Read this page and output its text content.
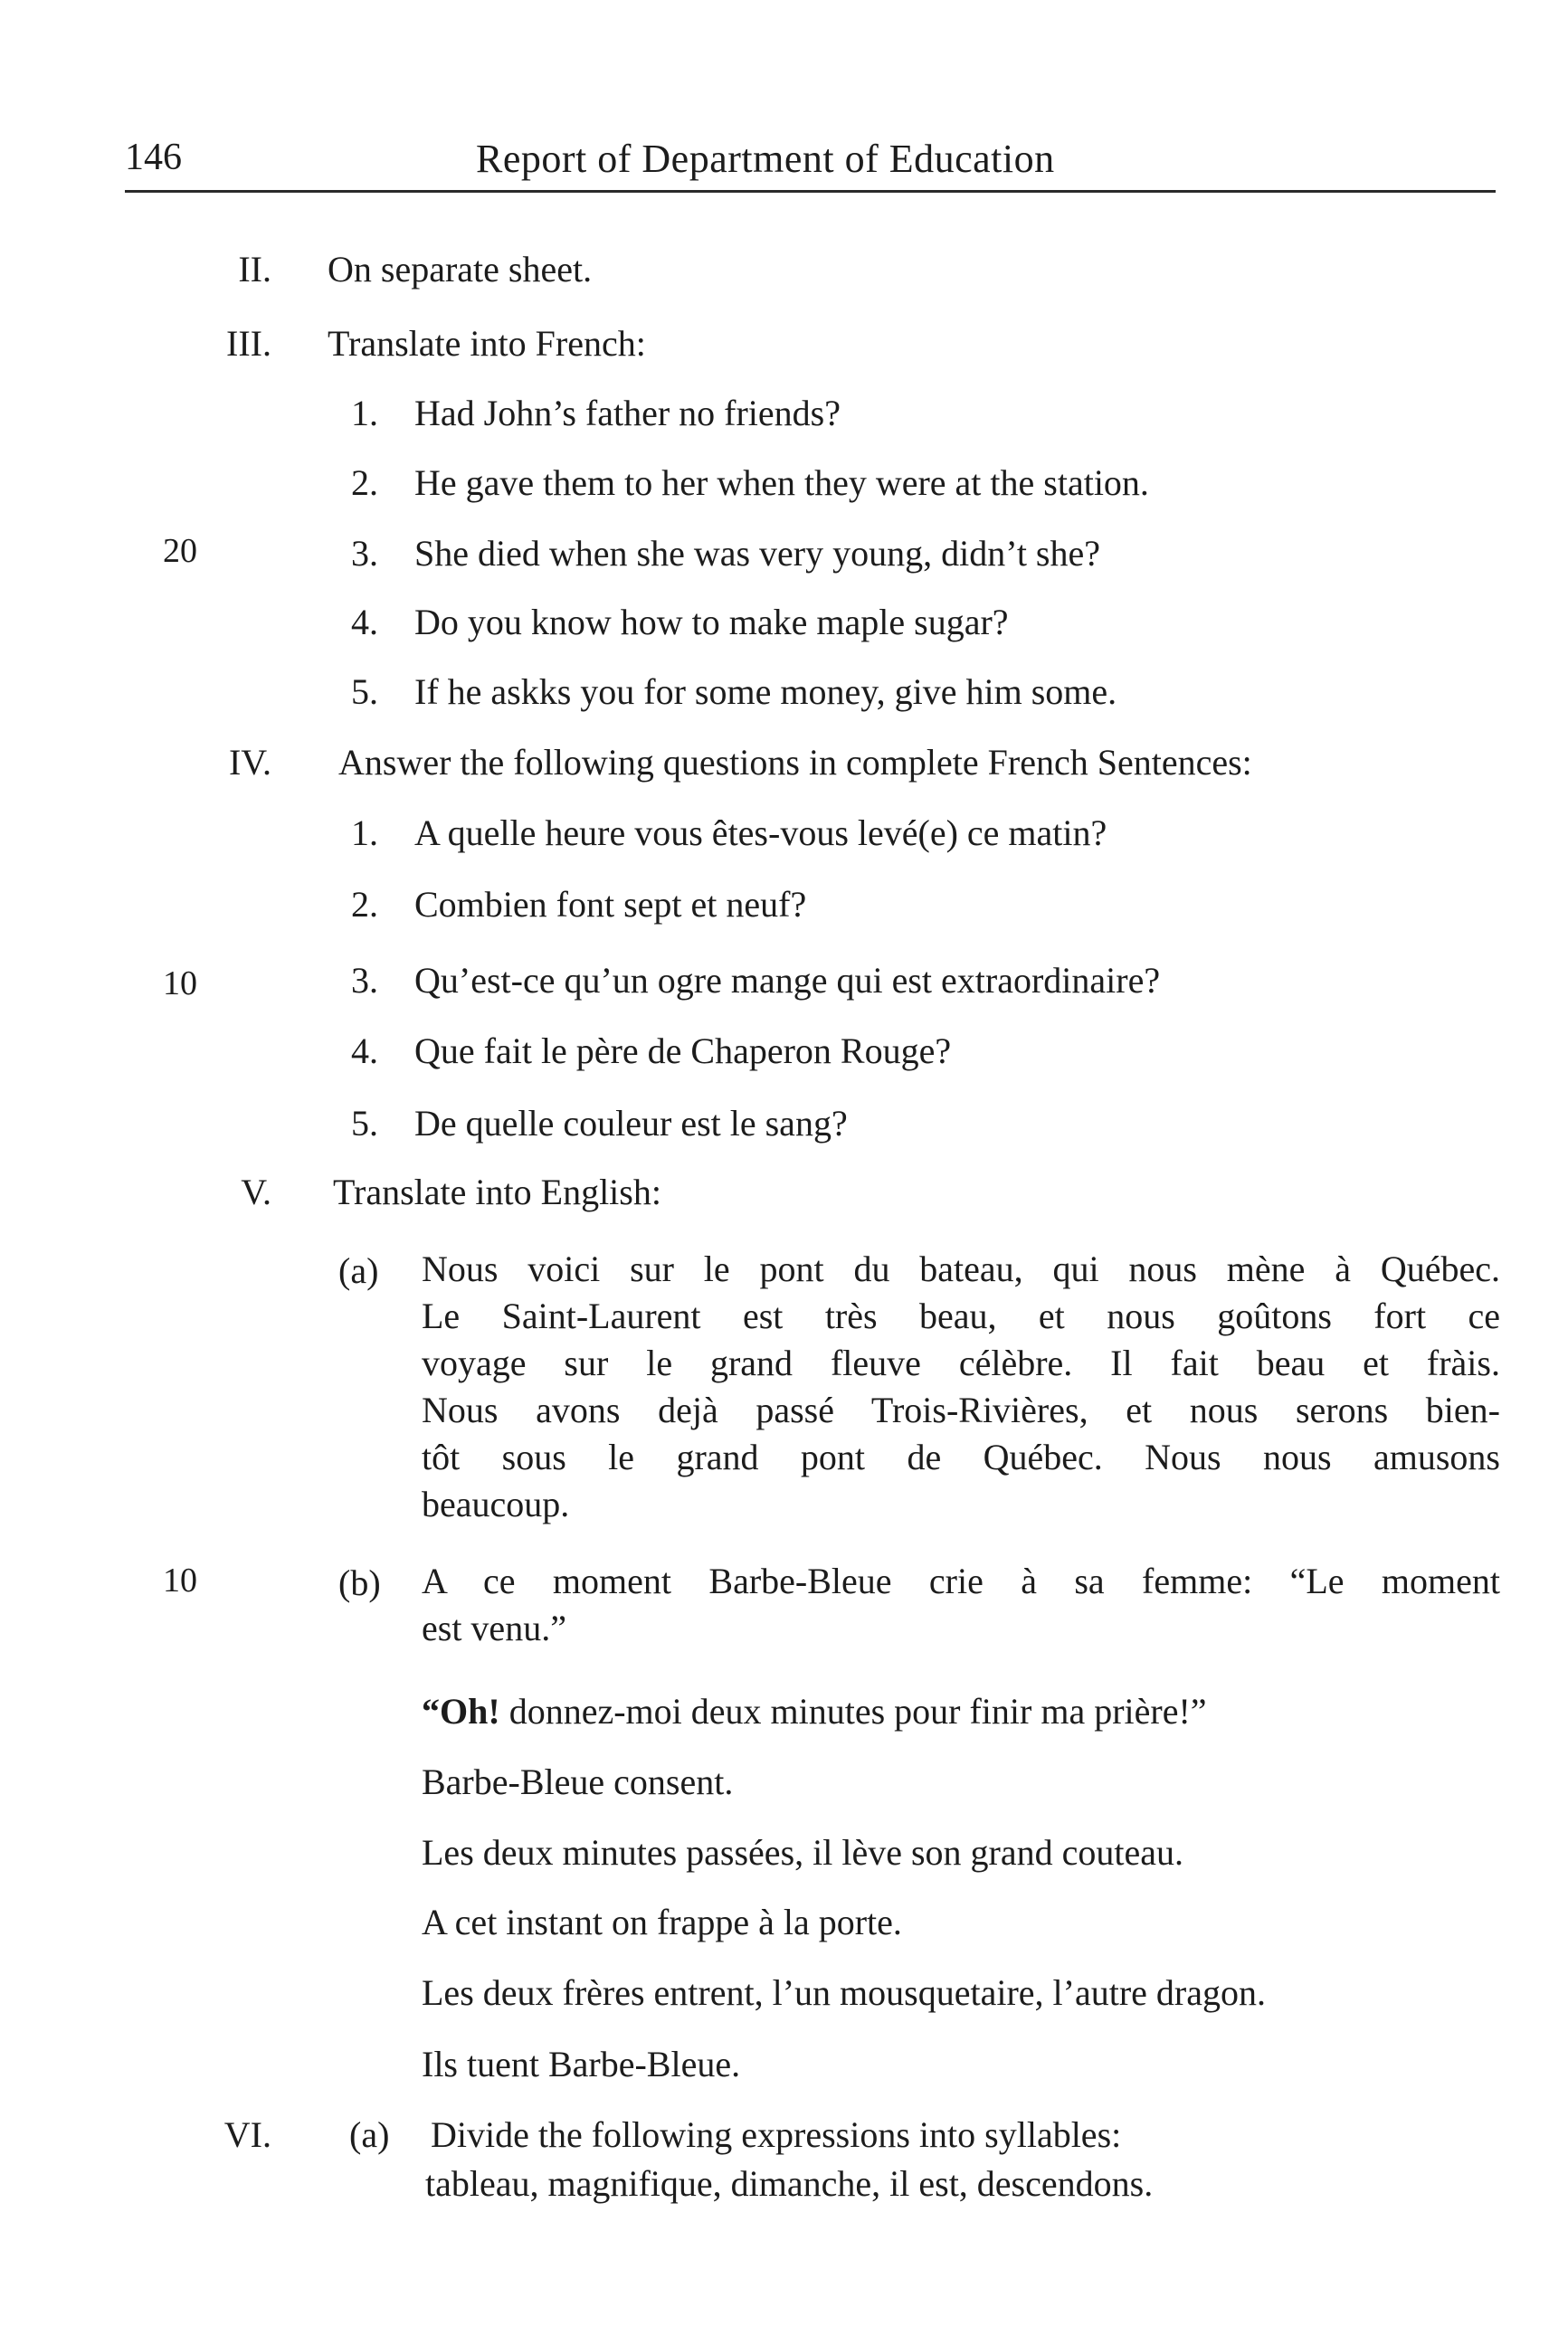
146	Report of Department of Education
II. On separate sheet.
III. Translate into French:
20
1. Had John’s father no friends?
2. He gave them to her when they were at the station.
3. She died when she was very young, didn’t she?
4. Do you know how to make maple sugar?
5. If he askks you for some money, give him some.
IV. Answer the following questions in complete French Sentences:
10
1. A quelle heure vous êtes-vous levé(e) ce matin?
2. Combien font sept et neuf?
3. Qu’est-ce qu’un ogre mange qui est extraordinaire?
4. Que fait le père de Chaperon Rouge?
5. De quelle couleur est le sang?
V. Translate into English:
(a) Nous voici sur le pont du bateau, qui nous mène à Québec.
Le Saint-Laurent est très beau, et nous goûtons fort ce
voyage sur le grand fleuve célèbre. Il fait beau et fràis.
Nous avons dejà passé Trois-Rivières, et nous serons bien-
tôt sous le grand pont de Québec. Nous nous amusons
beaucoup.
10	(b) A ce moment Barbe-Bleue crie à sa femme: “Le moment
est venu.”
“Oh! donnez-moi deux minutes pour finir ma prière!”
Barbe-Bleue consent.
Les deux minutes passées, il lève son grand couteau.
A cet instant on frappe à la porte.
Les deux frères entrent, l’un mousquetaire, l’autre dragon.
Ils tuent Barbe-Bleue.
VI. (a) Divide the following expressions into syllables:
tableau, magnifique, dimanche, il est, descendons.
